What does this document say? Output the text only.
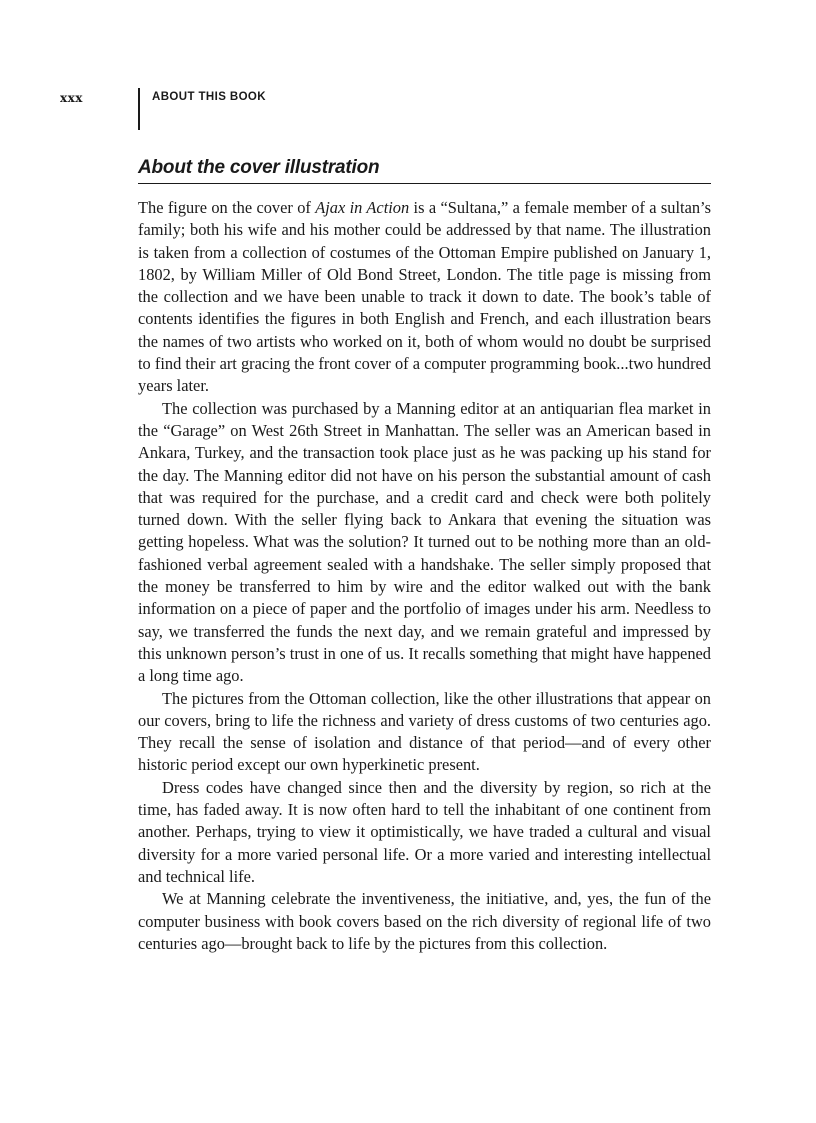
xxx	ABOUT THIS BOOK
About the cover illustration

The figure on the cover of Ajax in Action is a “Sultana,” a female member of a sultan’s family; both his wife and his mother could be addressed by that name. The illustration is taken from a collection of costumes of the Ottoman Empire published on January 1, 1802, by William Miller of Old Bond Street, London. The title page is missing from the collection and we have been unable to track it down to date. The book’s table of contents identifies the figures in both English and French, and each illustration bears the names of two artists who worked on it, both of whom would no doubt be surprised to find their art gracing the front cover of a computer programming book...two hundred years later.

The collection was purchased by a Manning editor at an antiquarian flea market in the “Garage” on West 26th Street in Manhattan. The seller was an American based in Ankara, Turkey, and the transaction took place just as he was packing up his stand for the day. The Manning editor did not have on his person the substantial amount of cash that was required for the purchase, and a credit card and check were both politely turned down. With the seller flying back to Ankara that evening the situation was getting hopeless. What was the solution? It turned out to be nothing more than an old-fashioned verbal agreement sealed with a handshake. The seller simply proposed that the money be transferred to him by wire and the editor walked out with the bank information on a piece of paper and the portfolio of images under his arm. Needless to say, we transferred the funds the next day, and we remain grateful and impressed by this unknown person’s trust in one of us. It recalls something that might have happened a long time ago.

The pictures from the Ottoman collection, like the other illustrations that appear on our covers, bring to life the richness and variety of dress customs of two centuries ago. They recall the sense of isolation and distance of that period—and of every other historic period except our own hyperkinetic present.

Dress codes have changed since then and the diversity by region, so rich at the time, has faded away. It is now often hard to tell the inhabitant of one continent from another. Perhaps, trying to view it optimistically, we have traded a cultural and visual diversity for a more varied personal life. Or a more varied and interesting intellectual and technical life.

We at Manning celebrate the inventiveness, the initiative, and, yes, the fun of the computer business with book covers based on the rich diversity of regional life of two centuries ago—brought back to life by the pictures from this collection.
